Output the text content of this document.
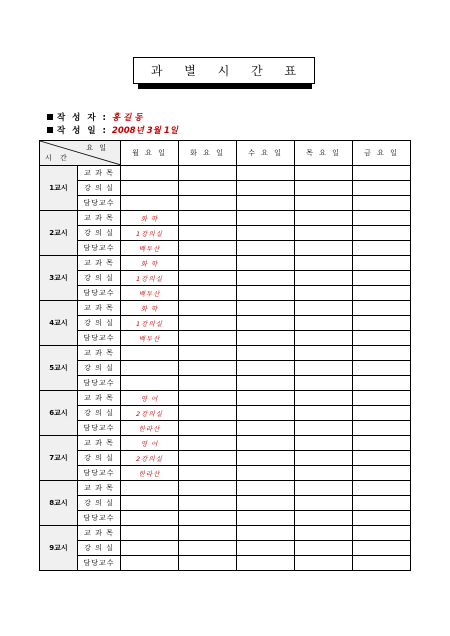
과 별 시 간 표
작 성 자 : 홍 길 동
작 성 일 : 2008년 3월 1일
요 일
시 간		월 요 일	화 요 일	수 요 일	목 요 일	금 요 일
1교시	교 과 목					
	강 의 실					
	담당교수					
2교시	교 과 목	화 학				
	강 의 실	1강의실				
	담당교수	백두산				
3교시	교 과 목	화 학				
	강 의 실	1강의실				
	담당교수	백두산				
4교시	교 과 목	화 학				
	강 의 실	1강의실				
	담당교수	백두산				
5교시	교 과 목					
	강 의 실					
	담당교수					
6교시	교 과 목	영 어				
	강 의 실	2강의실				
	담당교수	한라산				
7교시	교 과 목	영 어				
	강 의 실	2강의실				
	담당교수	한라산				
8교시	교 과 목					
	강 의 실					
	담당교수					
9교시	교 과 목					
	강 의 실					
	담당교수					
